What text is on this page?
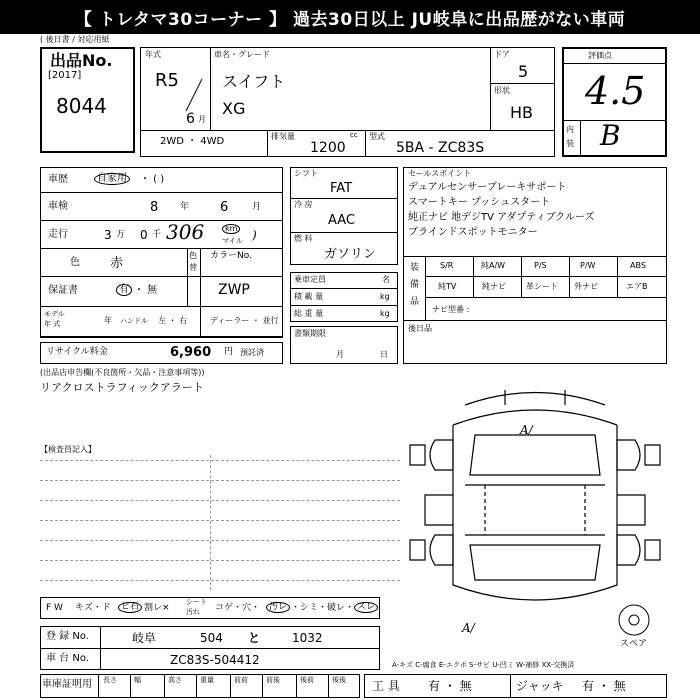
【 トレタマ30コーナー 】 過去30日以上 JU岐阜に出品歴がない車両
( 後日書 / 対応用紙
出品No.
[2017]
8044
年式
R5
6 月
車名・グレード
スイフト
XG
ドア
5
形状
HB
2WD ・ 4WD	排気量	cc
1200
型式
5BA - ZC83S
評価点
4.5
内
装 B
車歴	自家用	・ ( )
車検	8 年 6	月
走行	3 万 0 千 306	km
マイル )
色 赤
色
替
カラーNo.
保証書	有 ・ 無	ZWP
モデル
年 式	年 ハンドル 左 ・ 右	ディーラー ・ 並行
リサイクル料金	6,960 円 預託済
シフト
FAT
冷 房
AAC
燃 料
ガソリン
乗車定員	名
積 載 量	kg
総 重 量	kg
書類期限
月	日
セールスポイント
デュアルセンサーブレーキサポート
スマートキー プッシュスタート
純正ナビ 地デジTV アダプティブクルーズ
ブラインドスポットモニター
装
備
品
S/R	純A/W	P/S	P/W	ABS
純TV	純ナビ	革シート 外ナビ	エアB
ナビ型番 :
後日品
(出品店申告欄(不良箇所・欠品・注意事項等))
リアクロストラフィックアラート
【検査員記入】
A/
A/
スペア
F W キズ・ド	ビ石 割レ×
シート
汚れ コゲ・穴・ 汚レ ・シミ・破レ・ スレ
登 録 No.	岐阜	504 と	1032
車 台 No.	ZC83S-504412	A-キズ C-腐食 E-エクボ S-サビ U-凹ミ W-補修 XX-交換済
車庫証明用 長さ 幅	高さ	重量	前前	前後	後前	後後 工 具 有 ・ 無	ジャッキ 有 ・ 無
